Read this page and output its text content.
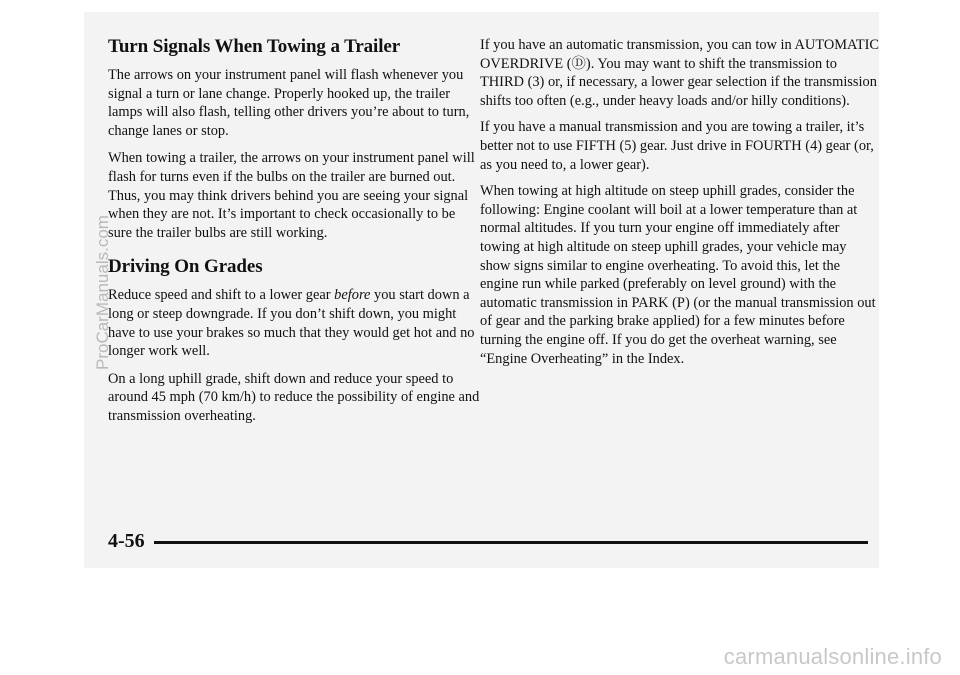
Turn Signals When Towing a Trailer

The arrows on your instrument panel will flash whenever you signal a turn or lane change. Properly hooked up, the trailer lamps will also flash, telling other drivers you’re about to turn, change lanes or stop.

When towing a trailer, the arrows on your instrument panel will flash for turns even if the bulbs on the trailer are burned out. Thus, you may think drivers behind you are seeing your signal when they are not. It’s important to check occasionally to be sure the trailer bulbs are still working.

Driving On Grades

Reduce speed and shift to a lower gear before you start down a long or steep downgrade. If you don’t shift down, you might have to use your brakes so much that they would get hot and no longer work well.

On a long uphill grade, shift down and reduce your speed to around 45 mph (70 km/h) to reduce the possibility of engine and transmission overheating.

If you have an automatic transmission, you can tow in AUTOMATIC OVERDRIVE (Ⓓ). You may want to shift the transmission to THIRD (3) or, if necessary, a lower gear selection if the transmission shifts too often (e.g., under heavy loads and/or hilly conditions).

If you have a manual transmission and you are towing a trailer, it’s better not to use FIFTH (5) gear. Just drive in FOURTH (4) gear (or, as you need to, a lower gear).

When towing at high altitude on steep uphill grades, consider the following: Engine coolant will boil at a lower temperature than at normal altitudes. If you turn your engine off immediately after towing at high altitude on steep uphill grades, your vehicle may show signs similar to engine overheating. To avoid this, let the engine run while parked (preferably on level ground) with the automatic transmission in PARK (P) (or the manual transmission out of gear and the parking brake applied) for a few minutes before turning the engine off. If you do get the overheat warning, see “Engine Overheating” in the Index.

4-56
ProCarManuals.com
carmanualsonline.info
